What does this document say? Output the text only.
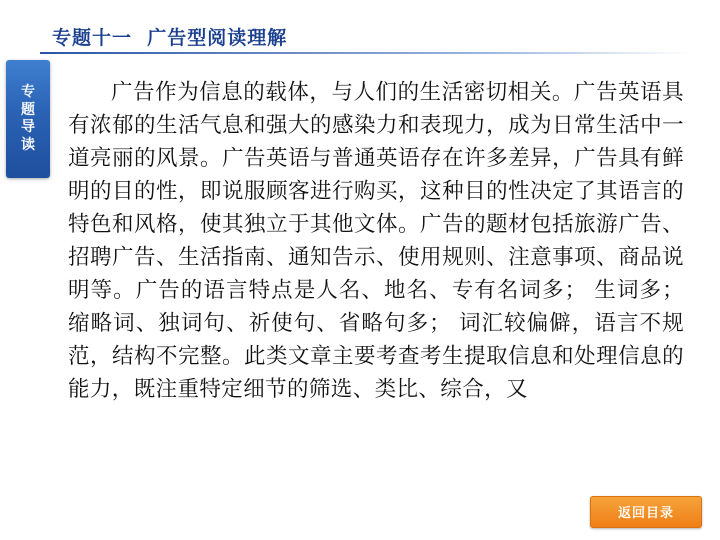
专题十一  广告型阅读理解
专
题
导
读
广告作为信息的载体，与人们的生活密切相关。广告英语具有浓郁的生活气息和强大的感染力和表现力，成为日常生活中一道亮丽的风景。广告英语与普通英语存在许多差异，广告具有鲜明的目的性，即说服顾客进行购买，这种目的性决定了其语言的特色和风格，使其独立于其他文体。广告的题材包括旅游广告、招聘广告、生活指南、通知告示、使用规则、注意事项、商品说明等。广告的语言特点是人名、地名、专有名词多； 生词多； 缩略词、独词句、祈使句、省略句多； 词汇较偏僻，语言不规范，结构不完整。此类文章主要考查考生提取信息和处理信息的能力，既注重特定细节的筛选、类比、综合，又
返回目录
